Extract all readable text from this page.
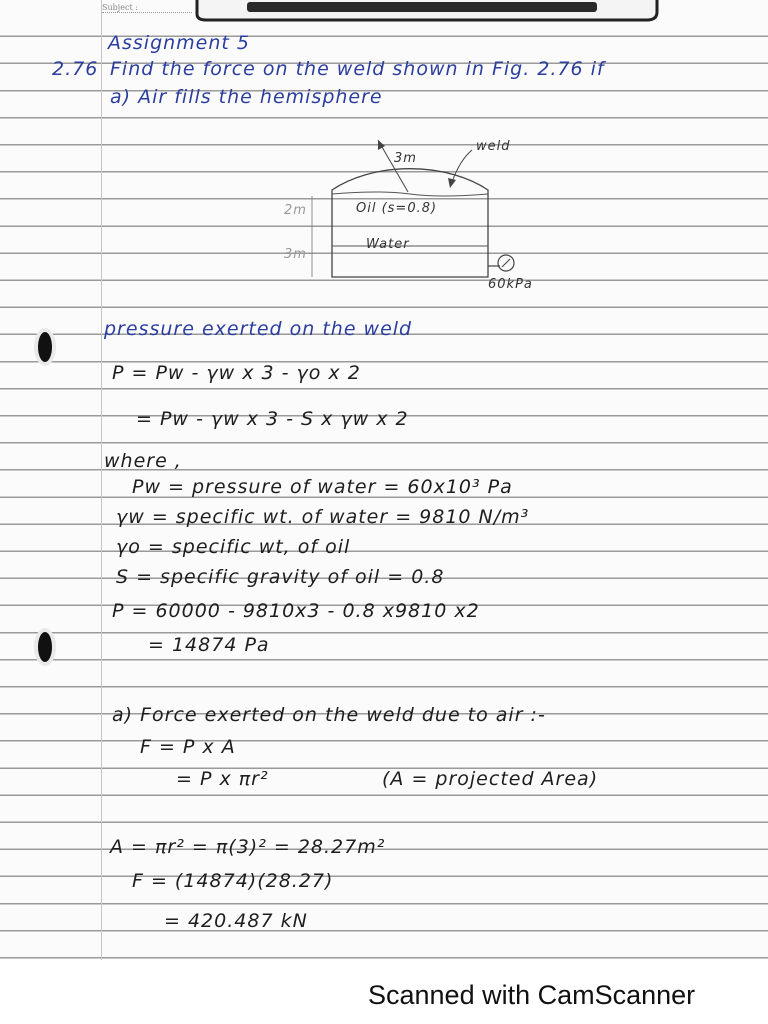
Subject :
Assignment 5
2.76 Find the force on the weld shown in Fig. 2.76 if
a) Air fills the hemisphere
3m
weld
Oil (s=0.8)
Water
2m
3m
60kPa
pressure exerted on the weld
P = Pw - γw x 3 - γo x 2
= Pw - γw x 3 - S x γw x 2
where ,
Pw = pressure of water = 60x10³ Pa
γw = specific wt. of water = 9810 N/m³
γo = specific wt, of oil
S = specific gravity of oil = 0.8
P = 60000 - 9810x3 - 0.8 x9810 x2
= 14874 Pa
a) Force exerted on the weld due to air :-
F = P x A
= P x πr²	(A = projected Area)
A = πr² = π(3)² = 28.27m²
F = (14874)(28.27)
= 420.487 kN
Scanned with CamScanner
